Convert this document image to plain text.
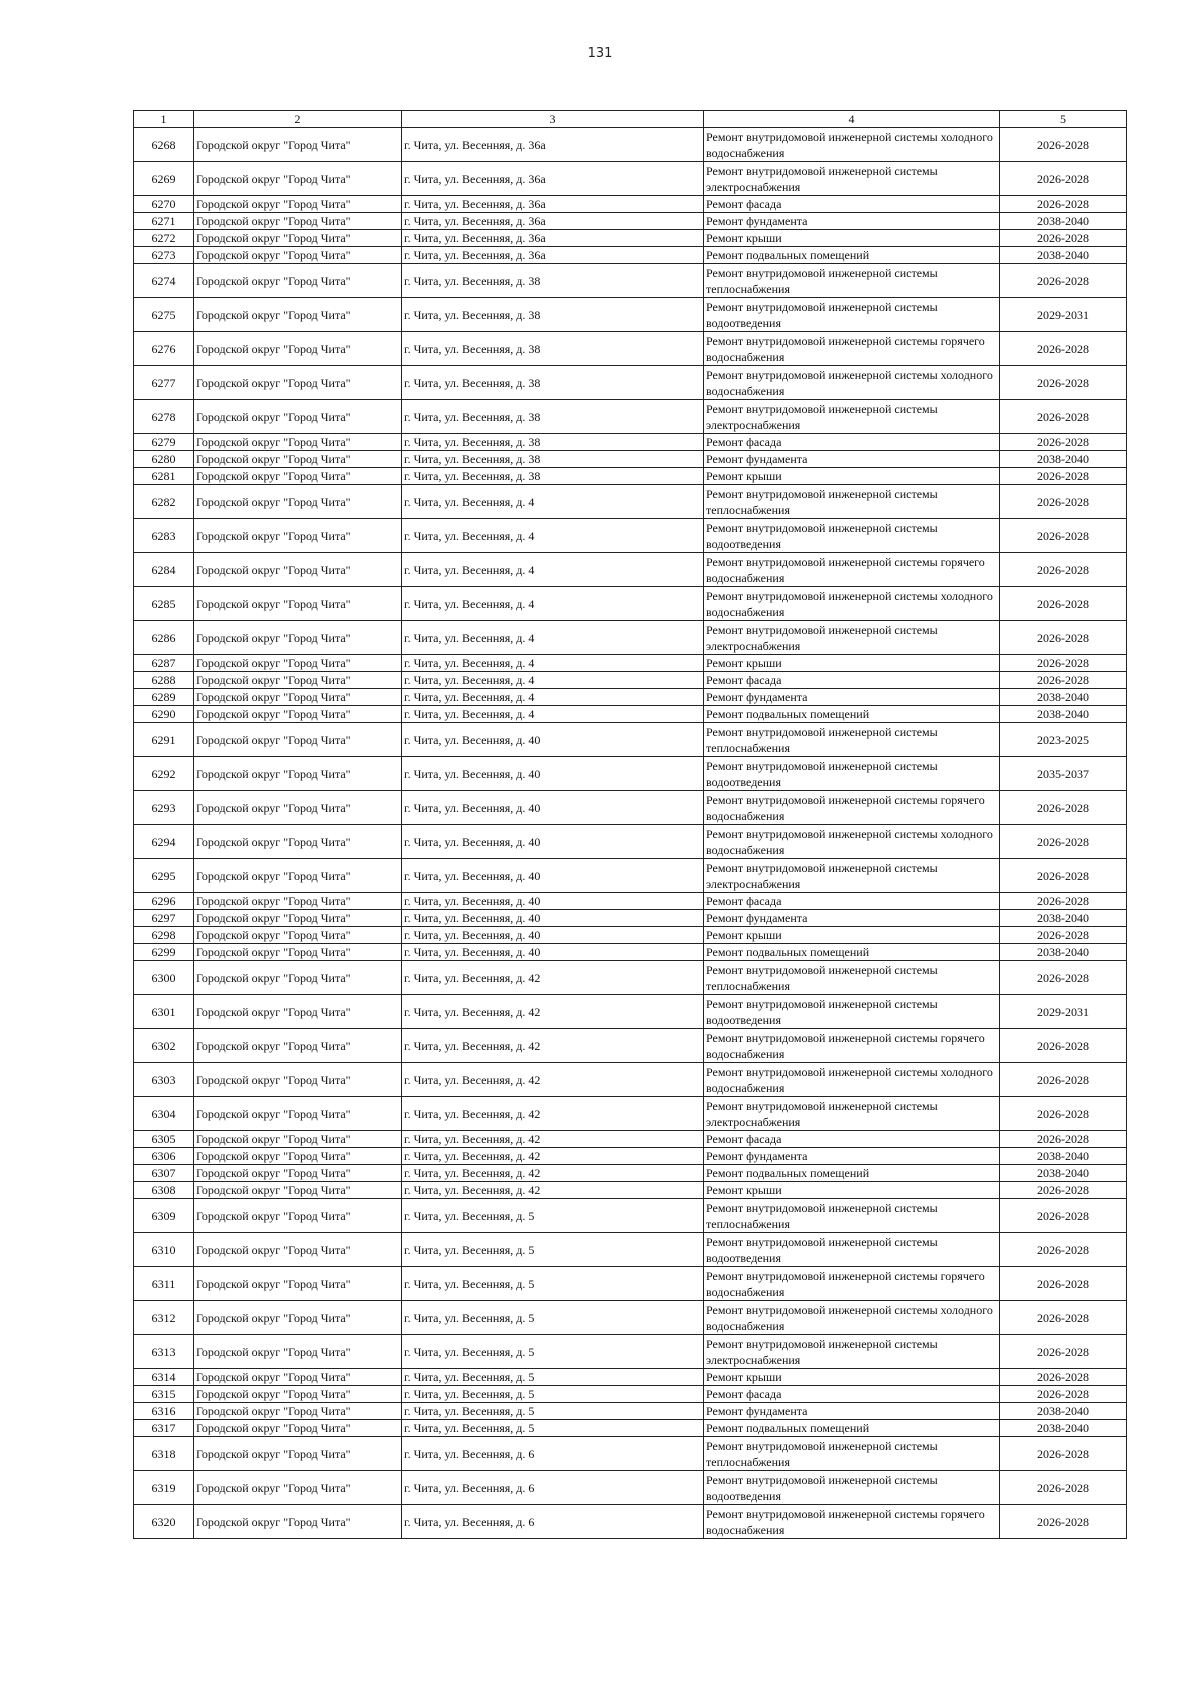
131
1	2	3	4	5
6268	Городской округ "Город Чита"	г. Чита, ул. Весенняя, д. 36а	Ремонт внутридомовой инженерной системы холодного водоснабжения	2026-2028
6269	Городской округ "Город Чита"	г. Чита, ул. Весенняя, д. 36а	Ремонт внутридомовой инженерной системы электроснабжения	2026-2028
6270	Городской округ "Город Чита"	г. Чита, ул. Весенняя, д. 36а	Ремонт фасада	2026-2028
6271	Городской округ "Город Чита"	г. Чита, ул. Весенняя, д. 36а	Ремонт фундамента	2038-2040
6272	Городской округ "Город Чита"	г. Чита, ул. Весенняя, д. 36а	Ремонт крыши	2026-2028
6273	Городской округ "Город Чита"	г. Чита, ул. Весенняя, д. 36а	Ремонт подвальных помещений	2038-2040
6274	Городской округ "Город Чита"	г. Чита, ул. Весенняя, д. 38	Ремонт внутридомовой инженерной системы теплоснабжения	2026-2028
6275	Городской округ "Город Чита"	г. Чита, ул. Весенняя, д. 38	Ремонт внутридомовой инженерной системы водоотведения	2029-2031
6276	Городской округ "Город Чита"	г. Чита, ул. Весенняя, д. 38	Ремонт внутридомовой инженерной системы горячего водоснабжения	2026-2028
6277	Городской округ "Город Чита"	г. Чита, ул. Весенняя, д. 38	Ремонт внутридомовой инженерной системы холодного водоснабжения	2026-2028
6278	Городской округ "Город Чита"	г. Чита, ул. Весенняя, д. 38	Ремонт внутридомовой инженерной системы электроснабжения	2026-2028
6279	Городской округ "Город Чита"	г. Чита, ул. Весенняя, д. 38	Ремонт фасада	2026-2028
6280	Городской округ "Город Чита"	г. Чита, ул. Весенняя, д. 38	Ремонт фундамента	2038-2040
6281	Городской округ "Город Чита"	г. Чита, ул. Весенняя, д. 38	Ремонт крыши	2026-2028
6282	Городской округ "Город Чита"	г. Чита, ул. Весенняя, д. 4	Ремонт внутридомовой инженерной системы теплоснабжения	2026-2028
6283	Городской округ "Город Чита"	г. Чита, ул. Весенняя, д. 4	Ремонт внутридомовой инженерной системы водоотведения	2026-2028
6284	Городской округ "Город Чита"	г. Чита, ул. Весенняя, д. 4	Ремонт внутридомовой инженерной системы горячего водоснабжения	2026-2028
6285	Городской округ "Город Чита"	г. Чита, ул. Весенняя, д. 4	Ремонт внутридомовой инженерной системы холодного водоснабжения	2026-2028
6286	Городской округ "Город Чита"	г. Чита, ул. Весенняя, д. 4	Ремонт внутридомовой инженерной системы электроснабжения	2026-2028
6287	Городской округ "Город Чита"	г. Чита, ул. Весенняя, д. 4	Ремонт крыши	2026-2028
6288	Городской округ "Город Чита"	г. Чита, ул. Весенняя, д. 4	Ремонт фасада	2026-2028
6289	Городской округ "Город Чита"	г. Чита, ул. Весенняя, д. 4	Ремонт фундамента	2038-2040
6290	Городской округ "Город Чита"	г. Чита, ул. Весенняя, д. 4	Ремонт подвальных помещений	2038-2040
6291	Городской округ "Город Чита"	г. Чита, ул. Весенняя, д. 40	Ремонт внутридомовой инженерной системы теплоснабжения	2023-2025
6292	Городской округ "Город Чита"	г. Чита, ул. Весенняя, д. 40	Ремонт внутридомовой инженерной системы водоотведения	2035-2037
6293	Городской округ "Город Чита"	г. Чита, ул. Весенняя, д. 40	Ремонт внутридомовой инженерной системы горячего водоснабжения	2026-2028
6294	Городской округ "Город Чита"	г. Чита, ул. Весенняя, д. 40	Ремонт внутридомовой инженерной системы холодного водоснабжения	2026-2028
6295	Городской округ "Город Чита"	г. Чита, ул. Весенняя, д. 40	Ремонт внутридомовой инженерной системы электроснабжения	2026-2028
6296	Городской округ "Город Чита"	г. Чита, ул. Весенняя, д. 40	Ремонт фасада	2026-2028
6297	Городской округ "Город Чита"	г. Чита, ул. Весенняя, д. 40	Ремонт фундамента	2038-2040
6298	Городской округ "Город Чита"	г. Чита, ул. Весенняя, д. 40	Ремонт крыши	2026-2028
6299	Городской округ "Город Чита"	г. Чита, ул. Весенняя, д. 40	Ремонт подвальных помещений	2038-2040
6300	Городской округ "Город Чита"	г. Чита, ул. Весенняя, д. 42	Ремонт внутридомовой инженерной системы теплоснабжения	2026-2028
6301	Городской округ "Город Чита"	г. Чита, ул. Весенняя, д. 42	Ремонт внутридомовой инженерной системы водоотведения	2029-2031
6302	Городской округ "Город Чита"	г. Чита, ул. Весенняя, д. 42	Ремонт внутридомовой инженерной системы горячего водоснабжения	2026-2028
6303	Городской округ "Город Чита"	г. Чита, ул. Весенняя, д. 42	Ремонт внутридомовой инженерной системы холодного водоснабжения	2026-2028
6304	Городской округ "Город Чита"	г. Чита, ул. Весенняя, д. 42	Ремонт внутридомовой инженерной системы электроснабжения	2026-2028
6305	Городской округ "Город Чита"	г. Чита, ул. Весенняя, д. 42	Ремонт фасада	2026-2028
6306	Городской округ "Город Чита"	г. Чита, ул. Весенняя, д. 42	Ремонт фундамента	2038-2040
6307	Городской округ "Город Чита"	г. Чита, ул. Весенняя, д. 42	Ремонт подвальных помещений	2038-2040
6308	Городской округ "Город Чита"	г. Чита, ул. Весенняя, д. 42	Ремонт крыши	2026-2028
6309	Городской округ "Город Чита"	г. Чита, ул. Весенняя, д. 5	Ремонт внутридомовой инженерной системы теплоснабжения	2026-2028
6310	Городской округ "Город Чита"	г. Чита, ул. Весенняя, д. 5	Ремонт внутридомовой инженерной системы водоотведения	2026-2028
6311	Городской округ "Город Чита"	г. Чита, ул. Весенняя, д. 5	Ремонт внутридомовой инженерной системы горячего водоснабжения	2026-2028
6312	Городской округ "Город Чита"	г. Чита, ул. Весенняя, д. 5	Ремонт внутридомовой инженерной системы холодного водоснабжения	2026-2028
6313	Городской округ "Город Чита"	г. Чита, ул. Весенняя, д. 5	Ремонт внутридомовой инженерной системы электроснабжения	2026-2028
6314	Городской округ "Город Чита"	г. Чита, ул. Весенняя, д. 5	Ремонт крыши	2026-2028
6315	Городской округ "Город Чита"	г. Чита, ул. Весенняя, д. 5	Ремонт фасада	2026-2028
6316	Городской округ "Город Чита"	г. Чита, ул. Весенняя, д. 5	Ремонт фундамента	2038-2040
6317	Городской округ "Город Чита"	г. Чита, ул. Весенняя, д. 5	Ремонт подвальных помещений	2038-2040
6318	Городской округ "Город Чита"	г. Чита, ул. Весенняя, д. 6	Ремонт внутридомовой инженерной системы теплоснабжения	2026-2028
6319	Городской округ "Город Чита"	г. Чита, ул. Весенняя, д. 6	Ремонт внутридомовой инженерной системы водоотведения	2026-2028
6320	Городской округ "Город Чита"	г. Чита, ул. Весенняя, д. 6	Ремонт внутридомовой инженерной системы горячего водоснабжения	2026-2028
